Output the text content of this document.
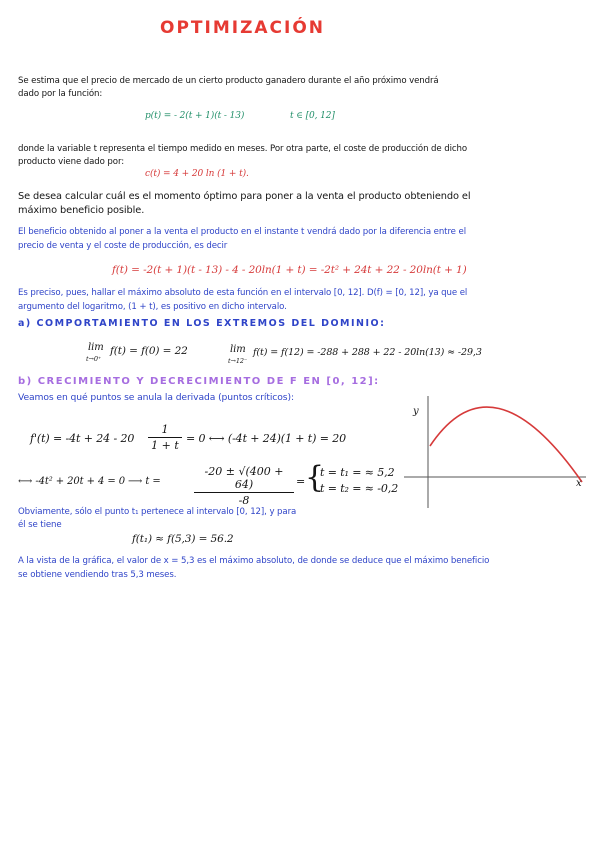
OPTIMIZACIÓN
Se estima que el precio de mercado de un cierto producto ganadero durante el año próximo vendrá
dado por la función:
p(t) = - 2(t + 1)(t - 13)	t ∈ [0, 12]
donde la variable t representa el tiempo medido en meses. Por otra parte, el coste de producción de dicho
producto viene dado por:
c(t) = 4 + 20 ln (1 + t).
Se desea calcular cuál es el momento óptimo para poner a la venta el producto obteniendo el
máximo beneficio posible.
El beneficio obtenido al poner a la venta el producto en el instante t vendrá dado por la diferencia entre el
precio de venta y el coste de producción, es decir
f(t) = -2(t + 1)(t - 13) - 4 - 20ln(1 + t) = -2t² + 24t + 22 - 20ln(t + 1)
Es preciso, pues, hallar el máximo absoluto de esta función en el intervalo [0, 12]. D(f) = [0, 12], ya que el
argumento del logaritmo, (1 + t), es positivo en dicho intervalo.
a) COMPORTAMIENTO EN LOS EXTREMOS DEL DOMINIO:
lim
t→0⁺
f(t) = f(0) = 22	lim
t→12⁻
f(t) = f(12) = -288 + 288 + 22 - 20ln(13) ≈ -29,3
b) CRECIMIENTO Y DECRECIMIENTO DE F EN [0, 12]:
Veamos en qué puntos se anula la derivada (puntos críticos):
f'(t) = -4t + 24 - 20
1
1 + t
= 0 ⟷ (-4t + 24)(1 + t) = 20
⟷ -4t² + 20t + 4 = 0 ⟶ t =
-20 ± √(400 + 64)
-8
= {
t = t₁ = ≈ 5,2
t = t₂ = ≈ -0,2
Obviamente, sólo el punto t₁ pertenece al intervalo [0, 12], y para
él se tiene
f(t₁) ≈ f(5,3) = 56.2
A la vista de la gráfica, el valor de x = 5,3 es el máximo absoluto, de donde se deduce que el máximo beneficio
se obtiene vendiendo tras 5,3 meses.
y
x
